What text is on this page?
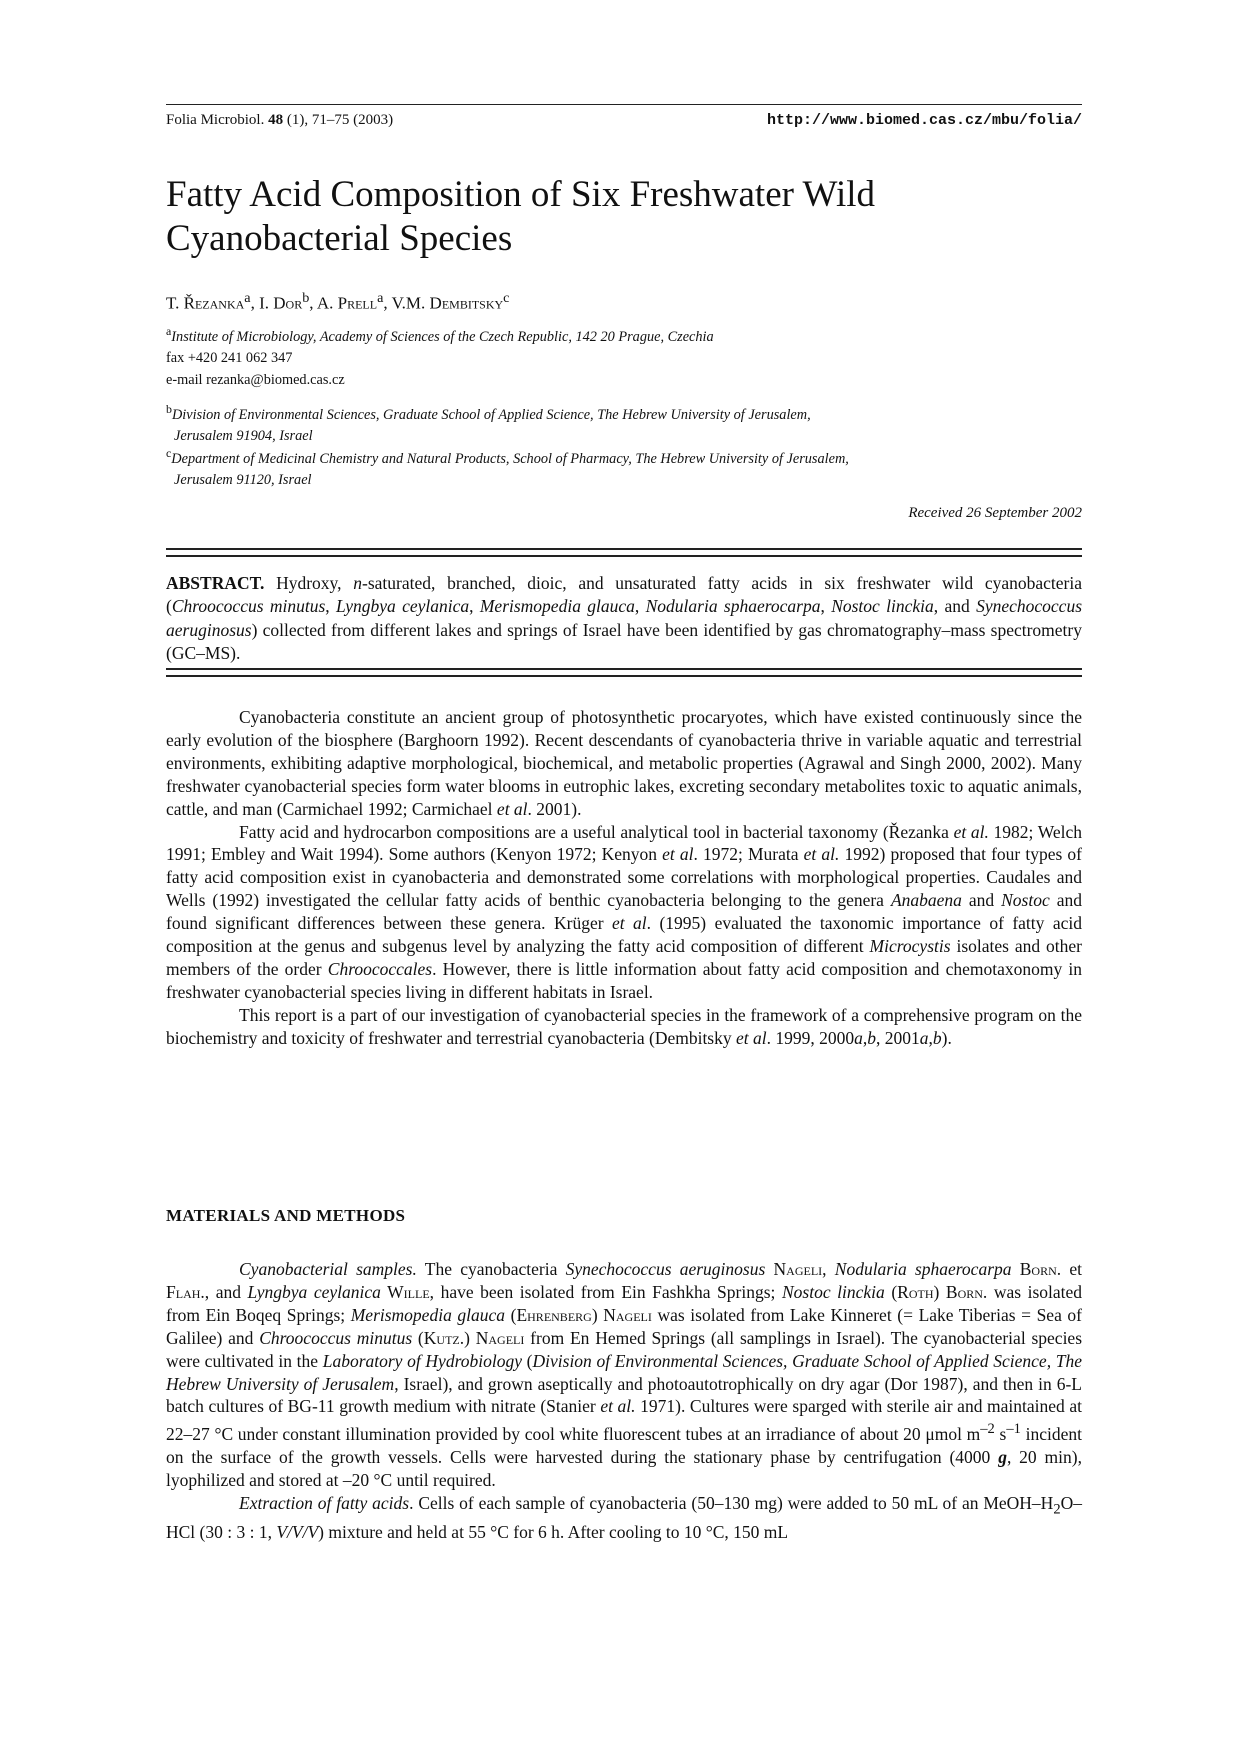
Folia Microbiol. 48 (1), 71–75 (2003)	http://www.biomed.cas.cz/mbu/folia/
Fatty Acid Composition of Six Freshwater Wild
Cyanobacterial Species
T. Řezanka$^a$, I. Dor$^b$, A. Prell$^a$, V.M. Dembitsky$^c$
$^a$Institute of Microbiology, Academy of Sciences of the Czech Republic, 142 20 Prague, Czechia
fax +420 241 062 347
e-mail rezanka@biomed.cas.cz
$^b$Division of Environmental Sciences, Graduate School of Applied Science, The Hebrew University of Jerusalem,
Jerusalem 91904, Israel
$^c$Department of Medicinal Chemistry and Natural Products, School of Pharmacy, The Hebrew University of Jerusalem,
Jerusalem 91120, Israel
Received 26 September 2002

ABSTRACT. Hydroxy, n-saturated, branched, dioic, and unsaturated fatty acids in six freshwater wild cyanobacteria (Chroococcus minutus, Lyngbya ceylanica, Merismopedia glauca, Nodularia sphaerocarpa, Nostoc linckia, and Synechococcus aeruginosus) collected from different lakes and springs of Israel have been identified by gas chromatography–mass spectrometry (GC–MS).

Cyanobacteria constitute an ancient group of photosynthetic procaryotes, which have existed continuously since the early evolution of the biosphere (Barghoorn 1992). Recent descendants of cyanobacteria thrive in variable aquatic and terrestrial environments, exhibiting adaptive morphological, biochemical, and metabolic properties (Agrawal and Singh 2000, 2002). Many freshwater cyanobacterial species form water blooms in eutrophic lakes, excreting secondary metabolites toxic to aquatic animals, cattle, and man (Carmichael 1992; Carmichael et al. 2001).

Fatty acid and hydrocarbon compositions are a useful analytical tool in bacterial taxonomy (Řezanka et al. 1982; Welch 1991; Embley and Wait 1994). Some authors (Kenyon 1972; Kenyon et al. 1972; Murata et al. 1992) proposed that four types of fatty acid composition exist in cyanobacteria and demonstrated some correlations with morphological properties. Caudales and Wells (1992) investigated the cellular fatty acids of benthic cyanobacteria belonging to the genera Anabaena and Nostoc and found significant differences between these genera. Krüger et al. (1995) evaluated the taxonomic importance of fatty acid composition at the genus and subgenus level by analyzing the fatty acid composition of different Microcystis isolates and other members of the order Chroococcales. However, there is little information about fatty acid composition and chemotaxonomy in freshwater cyanobacterial species living in different habitats in Israel.

This report is a part of our investigation of cyanobacterial species in the framework of a comprehensive program on the biochemistry and toxicity of freshwater and terrestrial cyanobacteria (Dembitsky et al. 1999, 2000a,b, 2001a,b).

MATERIALS AND METHODS

Cyanobacterial samples. The cyanobacteria Synechococcus aeruginosus Nageli, Nodularia sphaerocarpa Born. et Flah., and Lyngbya ceylanica Wille, have been isolated from Ein Fashkha Springs; Nostoc linckia (Roth) Born. was isolated from Ein Boqeq Springs; Merismopedia glauca (Ehrenberg) Nageli was isolated from Lake Kinneret (= Lake Tiberias = Sea of Galilee) and Chroococcus minutus (Kutz.) Nageli from En Hemed Springs (all samplings in Israel). The cyanobacterial species were cultivated in the Laboratory of Hydrobiology (Division of Environmental Sciences, Graduate School of Applied Science, The Hebrew University of Jerusalem, Israel), and grown aseptically and photoautotrophically on dry agar (Dor 1987), and then in 6-L batch cultures of BG-11 growth medium with nitrate (Stanier et al. 1971). Cultures were sparged with sterile air and maintained at 22–27 °C under constant illumination provided by cool white fluorescent tubes at an irradiance of about 20 μmol $m^{-2}$ $s^{-1}$ incident on the surface of the growth vessels. Cells were harvested during the stationary phase by centrifugation (4000 g, 20 min), lyophilized and stored at –20 °C until required.

Extraction of fatty acids. Cells of each sample of cyanobacteria (50–130 mg) were added to 50 mL of an MeOH–$H_2O$–HCl (30 : 3 : 1, V/V/V) mixture and held at 55 °C for 6 h. After cooling to 10 °C, 150 mL
